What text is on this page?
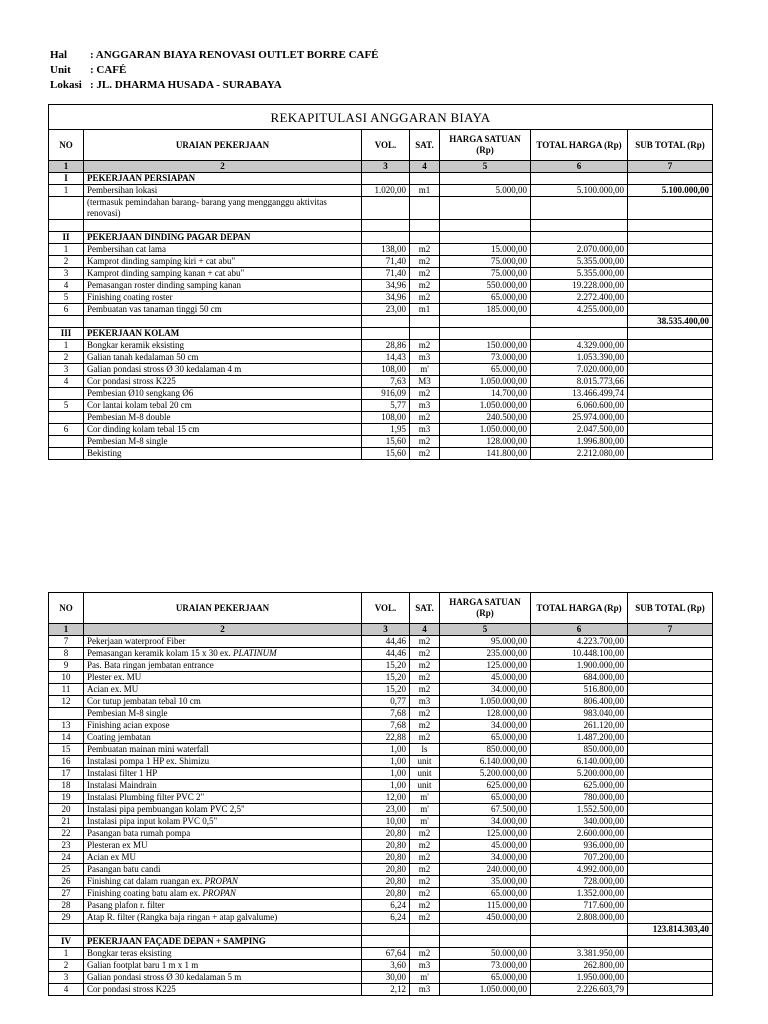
Hal : ANGGARAN BIAYA RENOVASI OUTLET BORRE CAFÉ
Unit : CAFÉ
Lokasi : JL. DHARMA HUSADA - SURABAYA
REKAPITULASI ANGGARAN BIAYA						
NO	URAIAN PEKERJAAN	VOL.	SAT.	HARGA SATUAN (Rp)	TOTAL HARGA (Rp)	SUB TOTAL (Rp)
1	2	3	4	5	6	7
I	PEKERJAAN PERSIAPAN					
1	Pembersihan lokasi	1.020,00	m1	5.000,00	5.100.000,00	5.100.000,00
	(termasuk pemindahan barang- barang yang mengganggu aktivitas renovasi)					

II	PEKERJAAN DINDING PAGAR DEPAN					
1	Pembersihan cat lama	138,00	m2	15.000,00	2.070.000,00	
2	Kamprot dinding samping kiri + cat abu"	71,40	m2	75.000,00	5.355.000,00	
3	Kamprot dinding samping kanan + cat abu"	71,40	m2	75.000,00	5.355.000,00	
4	Pemasangan roster dinding samping kanan	34,96	m2	550.000,00	19.228.000,00	
5	Finishing coating roster	34,96	m2	65.000,00	2.272.400,00	
6	Pembuatan vas tanaman tinggi 50 cm	23,00	m1	185.000,00	4.255.000,00	
						38.535.400,00
III	PEKERJAAN KOLAM					
1	Bongkar keramik eksisting	28,86	m2	150.000,00	4.329.000,00	
2	Galian tanah kedalaman 50 cm	14,43	m3	73.000,00	1.053.390,00	
3	Galian pondasi stross Ø 30 kedalaman 4 m	108,00	m'	65.000,00	7.020.000,00	
4	Cor pondasi stross K225	7,63	M3	1.050.000,00	8.015.773,66	
	Pembesian Ø10 sengkang Ø6	916,09	m2	14.700,00	13.466.499,74	
5	Cor lantai kolam tebal 20 cm	5,77	m3	1.050.000,00	6.060.600,00	
	Pembesian M-8 double	108,00	m2	240.500,00	25.974.000,00	
6	Cor dinding kolam tebal 15 cm	1,95	m3	1.050.000,00	2.047.500,00	
	Pembesian M-8 single	15,60	m2	128.000,00	1.996.800,00	
	Bekisting	15,60	m2	141.800,00	2.212.080,00	
NO	URAIAN PEKERJAAN	VOL.	SAT.	HARGA SATUAN (Rp)	TOTAL HARGA (Rp)	SUB TOTAL (Rp)
1	2	3	4	5	6	7
7	Pekerjaan waterproof Fiber	44,46	m2	95.000,00	4.223.700,00	
8	Pemasangan keramik kolam 15 x 30 ex. PLATINUM	44,46	m2	235.000,00	10.448.100,00	
9	Pas. Bata ringan jembatan entrance	15,20	m2	125.000,00	1.900.000,00	
10	Plester ex. MU	15,20	m2	45.000,00	684.000,00	
11	Acian ex. MU	15,20	m2	34.000,00	516.800,00	
12	Cor tutup jembatan tebal 10 cm	0,77	m3	1.050.000,00	806.400,00	
	Pembesian M-8 single	7,68	m2	128.000,00	983.040,00	
13	Finishing acian expose	7,68	m2	34.000,00	261.120,00	
14	Coating jembatan	22,88	m2	65.000,00	1.487.200,00	
15	Pembuatan mainan mini waterfall	1,00	ls	850.000,00	850.000,00	
16	Instalasi pompa 1 HP ex. Shimizu	1,00	unit	6.140.000,00	6.140.000,00	
17	Instalasi filter 1 HP	1,00	unit	5.200.000,00	5.200.000,00	
18	Instalasi Maindrain	1,00	unit	625.000,00	625.000,00	
19	Instalasi Plumbing filter PVC 2"	12,00	m'	65.000,00	780.000,00	
20	Instalasi pipa pembuangan kolam PVC 2,5"	23,00	m'	67.500,00	1.552.500,00	
21	Instalasi pipa input kolam PVC 0,5"	10,00	m'	34.000,00	340.000,00	
22	Pasangan bata rumah pompa	20,80	m2	125.000,00	2.600.000,00	
23	Plesteran ex MU	20,80	m2	45.000,00	936.000,00	
24	Acian ex MU	20,80	m2	34.000,00	707.200,00	
25	Pasangan batu candi	20,80	m2	240.000,00	4.992.000,00	
26	Finishing cat dalam ruangan ex. PROPAN	20,80	m2	35.000,00	728.000,00	
27	Finishing coating batu alam ex. PROPAN	20,80	m2	65.000,00	1.352.000,00	
28	Pasang plafon r. filter	6,24	m2	115.000,00	717.600,00	
29	Atap R. filter (Rangka baja ringan + atap galvalume)	6,24	m2	450.000,00	2.808.000,00	
						123.814.303,40
IV	PEKERJAAN FAÇADE DEPAN + SAMPING					
1	Bongkar teras eksisting	67,64	m2	50.000,00	3.381.950,00	
2	Galian footplat baru 1 m x 1 m	3,60	m3	73.000,00	262.800,00	
3	Galian pondasi stross Ø 30 kedalaman 5 m	30,00	m'	65.000,00	1.950.000,00	
4	Cor pondasi stross K225	2,12	m3	1.050.000,00	2.226.603,79	
